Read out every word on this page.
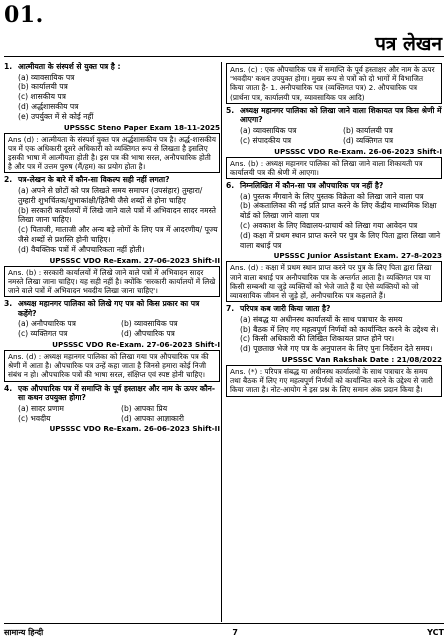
01.
पत्र लेखन
1. आत्मीयता के संस्पर्श से युक्त पत्र है :
(a) व्यावसायिक पत्र
(b) कार्यालयी पत्र
(c) शासकीय पत्र
(d) अर्द्धशासकीय पत्र
(e) उपर्युक्त में से कोई नहीं
UPSSSC Steno Paper Exam 18-11-2025
Ans (d) : आत्मीयता के संस्पर्श युक्त पत्र अर्द्धशासकीय पत्र है। अर्द्ध-शासकीय पत्र में एक अधिकारी दूसरे अधिकारी को व्यक्तिगत रूप से लिखता है इसलिए इसकी भाषा में आत्मीयता होती है। इस पत्र की भाषा सरल, अनौपचारिक होती है और पत्र में उत्तम पुरुष (मैं/हम) का प्रयोग होता है।
2. पत्र-लेखन के बारे में कौन-सा विकल्प सही नहीं लगता?
(a) अपने से छोटों को पत्र लिखते समय समापन (उपसंहार) तुम्हारा/तुम्हारी शुभचिंतक/शुभाकांक्षी/हितैषी जैसे शब्दों से होना चाहिए
(b) सरकारी कार्यालयों में लिखे जाने वाले पत्रों में अभिवादन सादर नमस्ते लिखा जाना चाहिए।
(c) पिताजी, माताजी और अन्य बड़े लोगों के लिए पत्र में आदरणीय/ पूज्य जैसे शब्दों से प्रशस्ति होनी चाहिए।
(d) वैयक्तिक पत्रों में औपचारिकता नहीं होती।
UPSSSC VDO Re-Exam. 27-06-2023 Shift-II
Ans. (b) : सरकारी कार्यालयों में लिखे जाने वाले पत्रों में अभिवादन सादर नमस्ते लिखा जाना चाहिए। यह सही नहीं है। क्योंकि 'सरकारी कार्यालयों में लिखे जाने वाले पत्रों में अभिवादन भवदीय लिखा जाना चाहिए'।
3. अध्यक्ष महानगर पालिका को लिखे गए पत्र को किस प्रकार का पत्र कहेंगे?
(a) अनौपचारिक पत्र	(b) व्यावसायिक पत्र
(c) व्यक्तिगत पत्र	(d) औपचारिक पत्र
UPSSSC VDO Re-Exam. 27-06-2023 Shift-I
Ans. (d) : अध्यक्ष महानगर पालिका को लिखा गया पत्र औपचारिक पत्र की श्रेणी में आता है। औपचारिक पत्र उन्हें कहा जाता है जिनसे हमारा कोई निजी संबंध न हो। औपचारिक पत्रों की भाषा सरल, संक्षिप्त एवं स्पष्ट होनी चाहिए।
4. एक औपचारिक पत्र में समाप्ति के पूर्व हस्ताक्षर और नाम के ऊपर कौन-सा कथन उपयुक्त होगा?
(a) सादर प्रणाम	(b) आपका प्रिय
(c) भवदीय	(d) आपका आज्ञाकारी
UPSSSC VDO Re-Exam. 26-06-2023 Shift-II
Ans. (c) : एक औपचारिक पत्र में समाप्ति के पूर्व हस्ताक्षर और नाम के ऊपर 'भवदीय' कथन उपयुक्त होगा। मुख्य रूप से पत्रों को दो भागों में विभाजित किया जाता है- 1. अनौपचारिक पत्र (व्यक्तिगत पत्र) 2. औपचारिक पत्र (प्रार्थना पत्र, कार्यालयी पत्र, व्यावसायिक पत्र आदि)
5. अध्यक्ष महानगर पालिका को लिखा जाने वाला शिकायत पत्र किस श्रेणी में आएगा?
(a) व्यावसायिक पत्र	(b) कार्यालयी पत्र
(c) संपादकीय पत्र	(d) व्यक्तिगत पत्र
UPSSSC VDO Re-Exam. 26-06-2023 Shift-I
Ans. (b) : अध्यक्ष महानगर पालिका को लिखा जाने वाला शिकायती पत्र कार्यालयी पत्र की श्रेणी में आएगा।
6. निम्नलिखित में कौन-सा पत्र औपचारिक पत्र नहीं है?
(a) पुस्तक मँगवाने के लिए पुस्तक विक्रेता को लिखा जाने वाला पत्र
(b) अंकतालिका की नई प्रति प्राप्त करने के लिए केंद्रीय माध्यमिक शिक्षा बोर्ड को लिखा जाने वाला पत्र
(c) अवकाश के लिए विद्यालय-प्राचार्य को लिखा गया आवेदन पत्र
(d) कक्षा में प्रथम स्थान प्राप्त करने पर पुत्र के लिए पिता द्वारा लिखा जाने वाला बधाई पत्र
UPSSSC Junior Assistant Exam. 27-8-2023
Ans. (d) : कक्षा में प्रथम स्थान प्राप्त करने पर पुत्र के लिए पिता द्वारा लिखा जाने वाला बधाई पत्र अनौपचारिक पत्र के अन्तर्गत आता है। व्यक्तिगत पत्र या किसी सम्बन्धी या जुड़े व्यक्तियों को भेजे जाते हैं या ऐसे व्यक्तियों को जो व्यावसायिक जीवन से जुड़े हों, अनौपचारिक पत्र कहलाते हैं।
7. परिपत्र कब जारी किया जाता है?
(a) संबद्ध या अधीनस्थ कार्यालयों के साथ पत्राचार के समय
(b) बैठक में लिए गए महत्वपूर्ण निर्णयों को कार्यान्वित करने के उद्देश्य से।
(c) किसी अधिकारी की लिखित शिकायत प्राप्त होने पर।
(d) पूछताछ भेजे गए पत्र के अनुपालन के लिए पुनः निर्देशन देते समय।
UPSSSC Van Rakshak Date : 21/08/2022
Ans. (*) : परिपत्र संबद्ध या अधीनस्थ कार्यालयों के साथ पत्राचार के समय तथा बैठक में लिए गए महत्वपूर्ण निर्णयों को कार्यान्वित करने के उद्देश्य से जारी किया जाता है। नोट-आयोग ने इस प्रश्न के लिए समान अंक प्रदान किया है।
सामान्य हिन्दी	7	YCT
